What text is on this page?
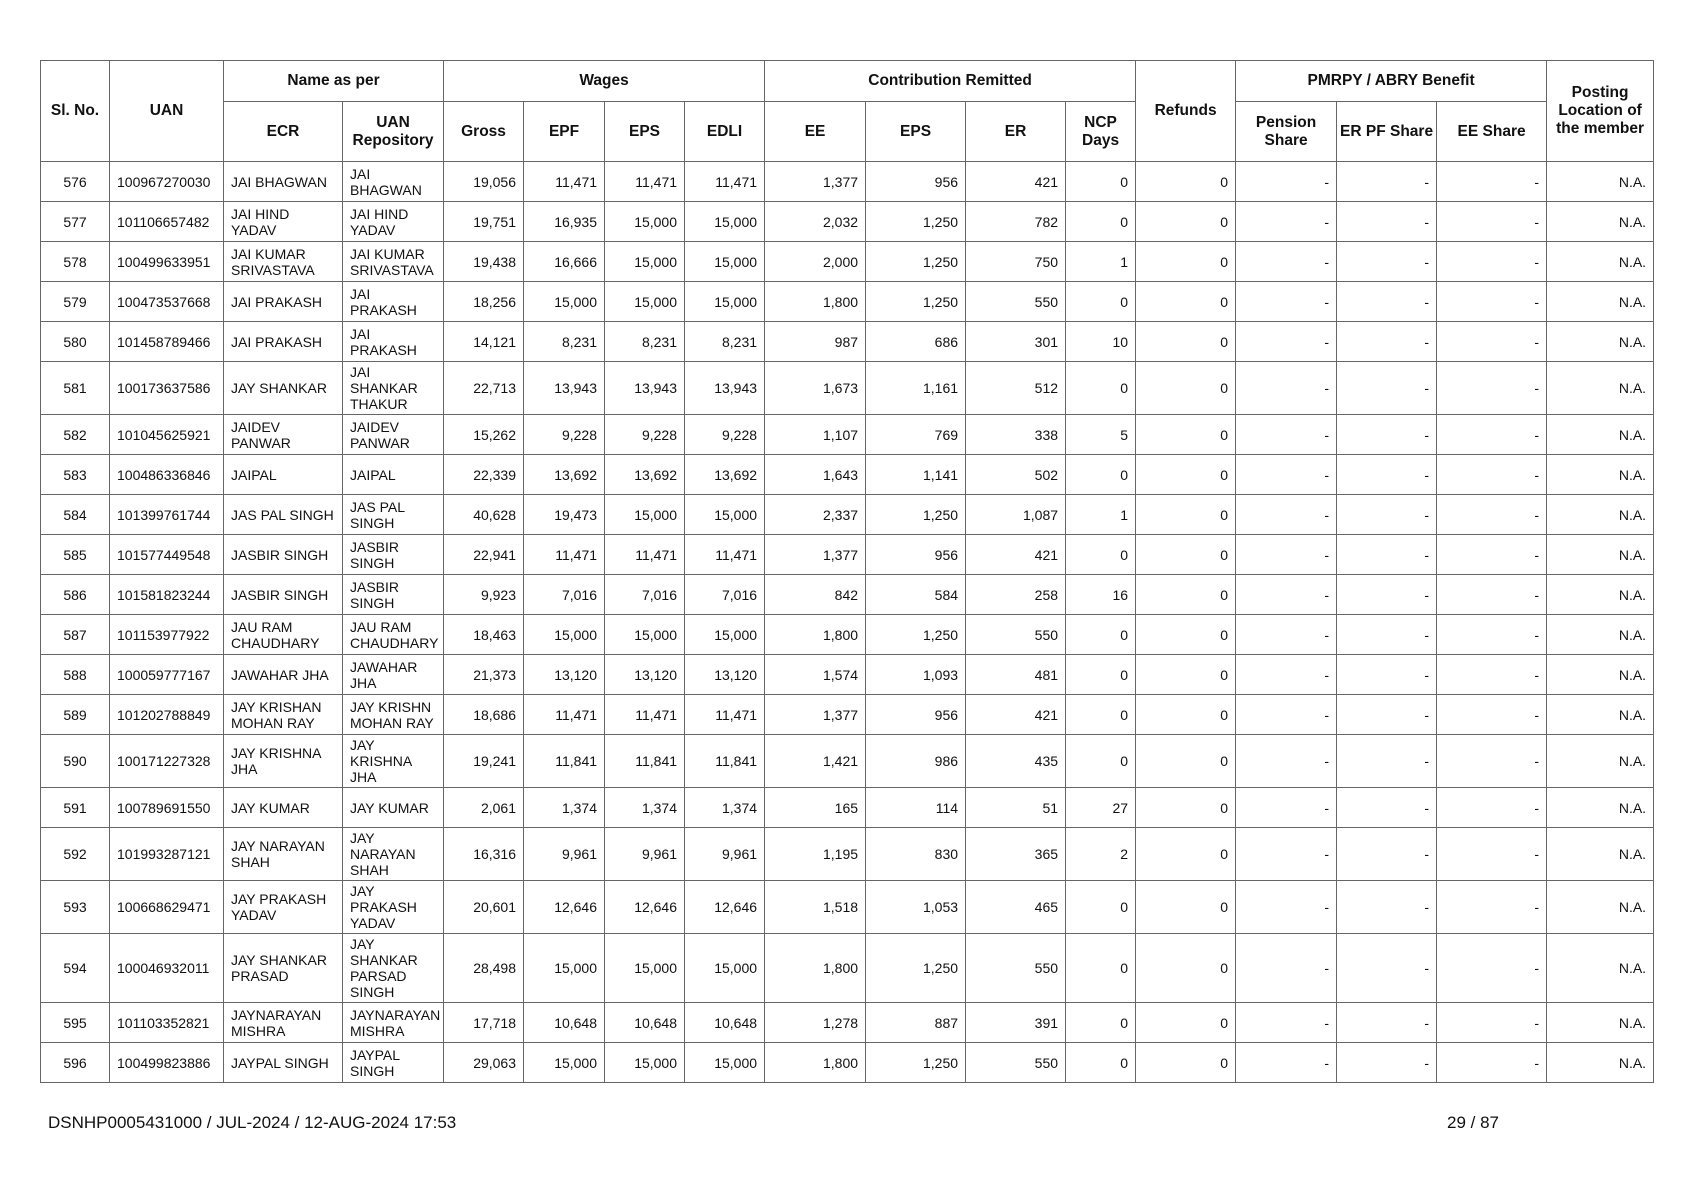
Sl. No.	UAN	Name as per		Wages				Contribution Remitted				Refunds	PMRPY / ABRY Benefit			Posting Location of the member
		ECR	UAN Repository	Gross	EPF	EPS	EDLI	EE	EPS	ER	NCP Days		Pension Share	ER PF Share	EE Share	
576	100967270030	JAI BHAGWAN	JAI BHAGWAN	19,056	11,471	11,471	11,471	1,377	956	421	0	0	-	-	-	N.A.
577	101106657482	JAI HIND YADAV	JAI HIND YADAV	19,751	16,935	15,000	15,000	2,032	1,250	782	0	0	-	-	-	N.A.
578	100499633951	JAI KUMAR SRIVASTAVA	JAI KUMAR SRIVASTAVA	19,438	16,666	15,000	15,000	2,000	1,250	750	1	0	-	-	-	N.A.
579	100473537668	JAI PRAKASH	JAI PRAKASH	18,256	15,000	15,000	15,000	1,800	1,250	550	0	0	-	-	-	N.A.
580	101458789466	JAI PRAKASH	JAI PRAKASH	14,121	8,231	8,231	8,231	987	686	301	10	0	-	-	-	N.A.
581	100173637586	JAY SHANKAR	JAI SHANKAR THAKUR	22,713	13,943	13,943	13,943	1,673	1,161	512	0	0	-	-	-	N.A.
582	101045625921	JAIDEV PANWAR	JAIDEV PANWAR	15,262	9,228	9,228	9,228	1,107	769	338	5	0	-	-	-	N.A.
583	100486336846	JAIPAL	JAIPAL	22,339	13,692	13,692	13,692	1,643	1,141	502	0	0	-	-	-	N.A.
584	101399761744	JAS PAL SINGH	JAS PAL SINGH	40,628	19,473	15,000	15,000	2,337	1,250	1,087	1	0	-	-	-	N.A.
585	101577449548	JASBIR SINGH	JASBIR SINGH	22,941	11,471	11,471	11,471	1,377	956	421	0	0	-	-	-	N.A.
586	101581823244	JASBIR SINGH	JASBIR SINGH	9,923	7,016	7,016	7,016	842	584	258	16	0	-	-	-	N.A.
587	101153977922	JAU RAM CHAUDHARY	JAU RAM CHAUDHARY	18,463	15,000	15,000	15,000	1,800	1,250	550	0	0	-	-	-	N.A.
588	100059777167	JAWAHAR JHA	JAWAHAR JHA	21,373	13,120	13,120	13,120	1,574	1,093	481	0	0	-	-	-	N.A.
589	101202788849	JAY KRISHAN MOHAN RAY	JAY KRISHN MOHAN RAY	18,686	11,471	11,471	11,471	1,377	956	421	0	0	-	-	-	N.A.
590	100171227328	JAY KRISHNA JHA	JAY KRISHNA JHA	19,241	11,841	11,841	11,841	1,421	986	435	0	0	-	-	-	N.A.
591	100789691550	JAY KUMAR	JAY KUMAR	2,061	1,374	1,374	1,374	165	114	51	27	0	-	-	-	N.A.
592	101993287121	JAY NARAYAN SHAH	JAY NARAYAN SHAH	16,316	9,961	9,961	9,961	1,195	830	365	2	0	-	-	-	N.A.
593	100668629471	JAY PRAKASH YADAV	JAY PRAKASH YADAV	20,601	12,646	12,646	12,646	1,518	1,053	465	0	0	-	-	-	N.A.
594	100046932011	JAY SHANKAR PRASAD	JAY SHANKAR PARSAD SINGH	28,498	15,000	15,000	15,000	1,800	1,250	550	0	0	-	-	-	N.A.
595	101103352821	JAYNARAYAN MISHRA	JAYNARAYAN MISHRA	17,718	10,648	10,648	10,648	1,278	887	391	0	0	-	-	-	N.A.
596	100499823886	JAYPAL SINGH	JAYPAL SINGH	29,063	15,000	15,000	15,000	1,800	1,250	550	0	0	-	-	-	N.A.
DSNHP0005431000 / JUL-2024 / 12-AUG-2024 17:53	29 / 87
